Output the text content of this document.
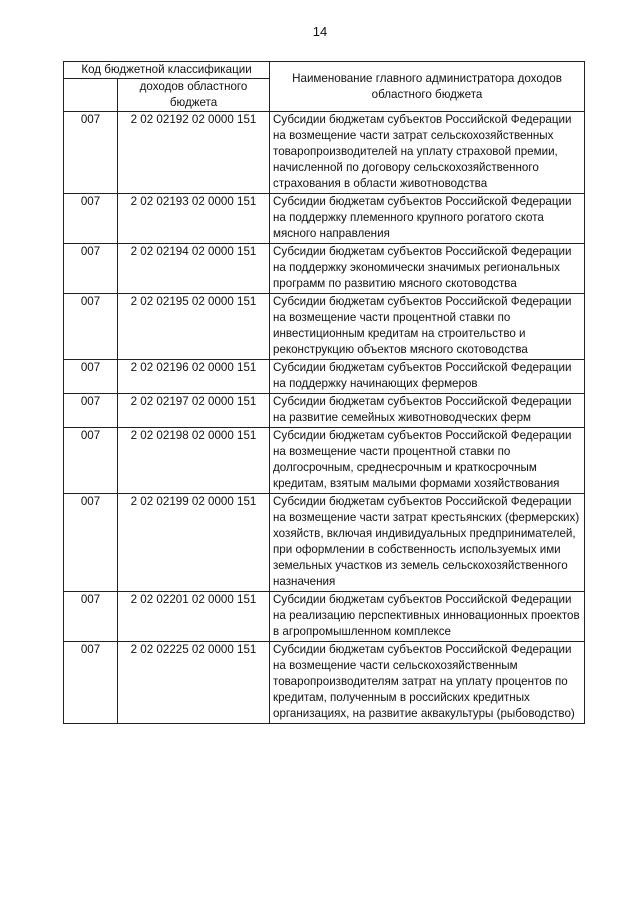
14
Код бюджетной классификации		Наименование главного администратора доходов областного бюджета
	доходов областного бюджета	
007	2 02 02192 02 0000 151	Субсидии бюджетам субъектов Российской Федерации на возмещение части затрат сельскохозяйственных товаропроизводителей на уплату страховой премии, начисленной по договору сельскохозяйственного страхования в области животноводства
007	2 02 02193 02 0000 151	Субсидии бюджетам субъектов Российской Федерации на поддержку племенного крупного рогатого скота мясного направления
007	2 02 02194 02 0000 151	Субсидии бюджетам субъектов Российской Федерации на поддержку экономически значимых региональных программ по развитию мясного скотоводства
007	2 02 02195 02 0000 151	Субсидии бюджетам субъектов Российской Федерации на возмещение части процентной ставки по инвестиционным кредитам на строительство и реконструкцию объектов мясного скотоводства
007	2 02 02196 02 0000 151	Субсидии бюджетам субъектов Российской Федерации на поддержку начинающих фермеров
007	2 02 02197 02 0000 151	Субсидии бюджетам субъектов Российской Федерации на развитие семейных животноводческих ферм
007	2 02 02198 02 0000 151	Субсидии бюджетам субъектов Российской Федерации на возмещение части процентной ставки по долгосрочным, среднесрочным и краткосрочным кредитам, взятым малыми формами хозяйствования
007	2 02 02199 02 0000 151	Субсидии бюджетам субъектов Российской Федерации на возмещение части затрат крестьянских (фермерских) хозяйств, включая индивидуальных предпринимателей, при оформлении в собственность используемых ими земельных участков из земель сельскохозяйственного назначения
007	2 02 02201 02 0000 151	Субсидии бюджетам субъектов Российской Федерации на реализацию перспективных инновационных проектов в агропромышленном комплексе
007	2 02 02225 02 0000 151	Субсидии бюджетам субъектов Российской Федерации на возмещение части сельскохозяйственным товаропроизводителям затрат на уплату процентов по кредитам, полученным в российских кредитных организациях, на развитие аквакультуры (рыбоводство)
